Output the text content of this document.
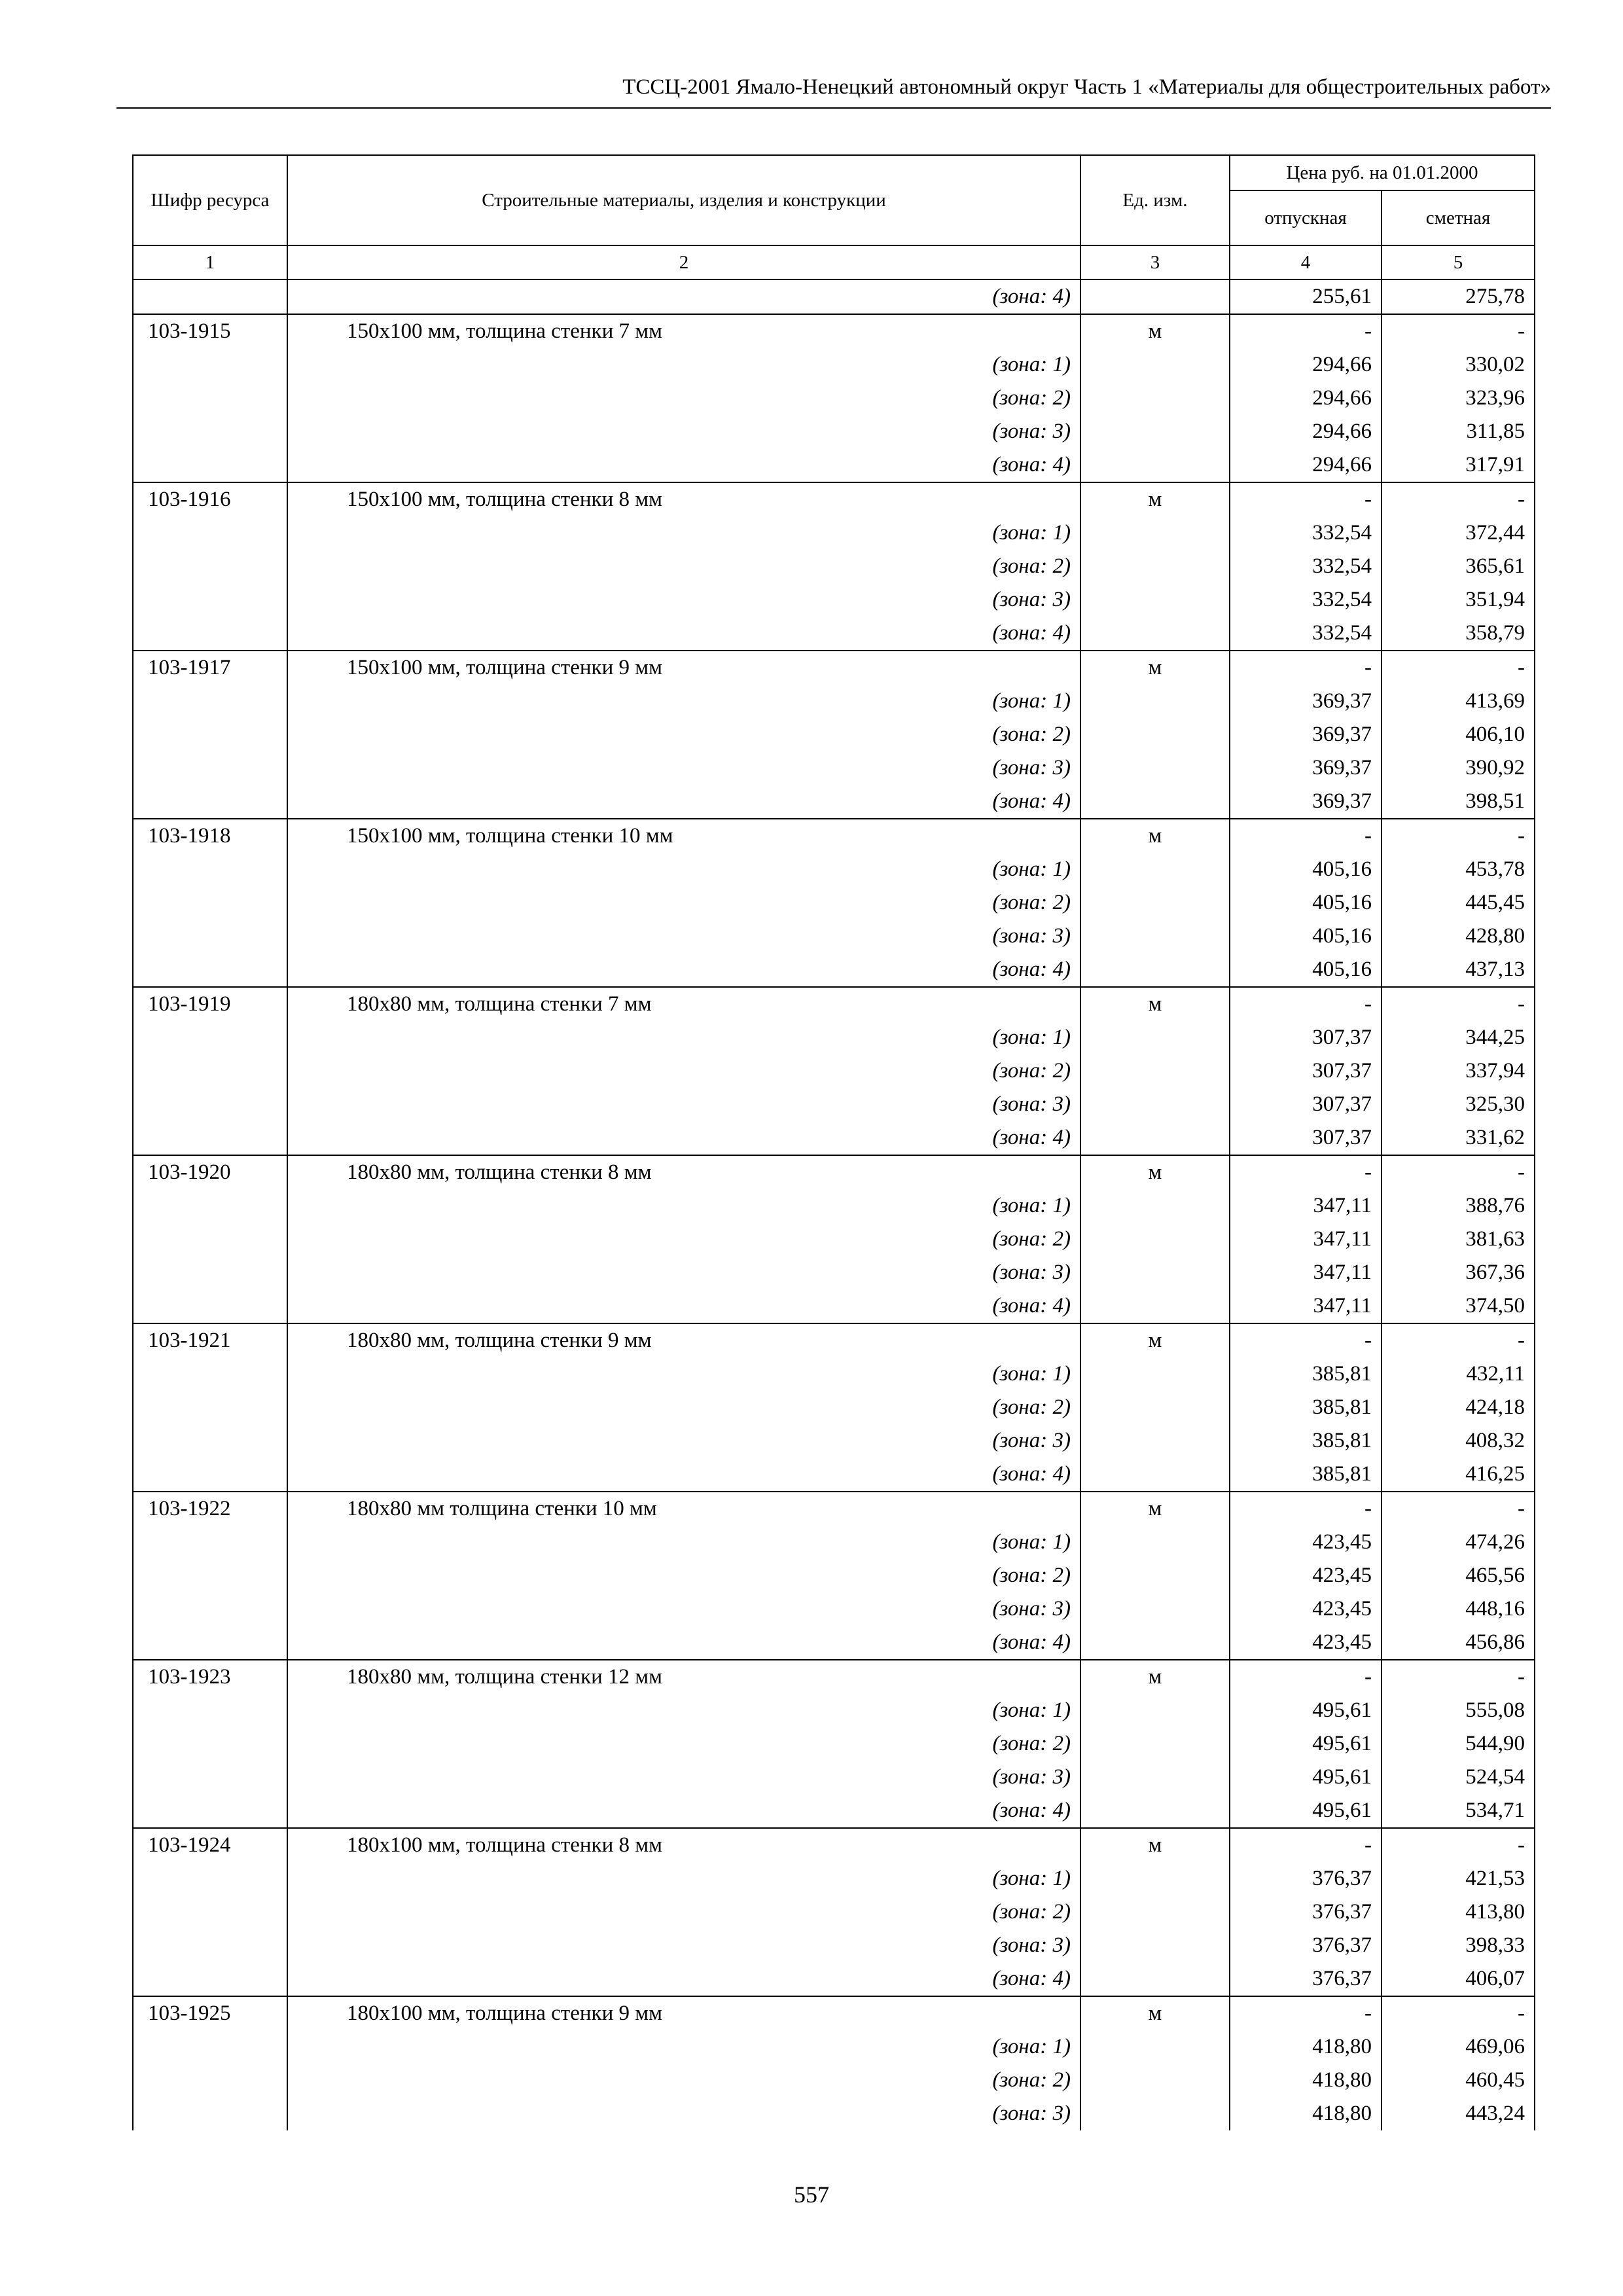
ТССЦ-2001 Ямало-Ненецкий автономный округ Часть 1 «Материалы для общестроительных работ»
Шифр ресурса	Строительные материалы, изделия и конструкции	Ед. изм.	Цена руб. на 01.01.2000	
			отпускная	сметная
1	2	3	4	5
	(зона: 4)		255,61	275,78
103-1915	150x100 мм, толщина стенки 7 мм	м	-	-
	(зона: 1)		294,66	330,02
	(зона: 2)		294,66	323,96
	(зона: 3)		294,66	311,85
	(зона: 4)		294,66	317,91
103-1916	150x100 мм, толщина стенки 8 мм	м	-	-
	(зона: 1)		332,54	372,44
	(зона: 2)		332,54	365,61
	(зона: 3)		332,54	351,94
	(зона: 4)		332,54	358,79
103-1917	150x100 мм, толщина стенки 9 мм	м	-	-
	(зона: 1)		369,37	413,69
	(зона: 2)		369,37	406,10
	(зона: 3)		369,37	390,92
	(зона: 4)		369,37	398,51
103-1918	150x100 мм, толщина стенки 10 мм	м	-	-
	(зона: 1)		405,16	453,78
	(зона: 2)		405,16	445,45
	(зона: 3)		405,16	428,80
	(зона: 4)		405,16	437,13
103-1919	180x80 мм, толщина стенки 7 мм	м	-	-
	(зона: 1)		307,37	344,25
	(зона: 2)		307,37	337,94
	(зона: 3)		307,37	325,30
	(зона: 4)		307,37	331,62
103-1920	180x80 мм, толщина стенки 8 мм	м	-	-
	(зона: 1)		347,11	388,76
	(зона: 2)		347,11	381,63
	(зона: 3)		347,11	367,36
	(зона: 4)		347,11	374,50
103-1921	180x80 мм, толщина стенки 9 мм	м	-	-
	(зона: 1)		385,81	432,11
	(зона: 2)		385,81	424,18
	(зона: 3)		385,81	408,32
	(зона: 4)		385,81	416,25
103-1922	180x80 мм толщина стенки 10 мм	м	-	-
	(зона: 1)		423,45	474,26
	(зона: 2)		423,45	465,56
	(зона: 3)		423,45	448,16
	(зона: 4)		423,45	456,86
103-1923	180x80 мм, толщина стенки 12 мм	м	-	-
	(зона: 1)		495,61	555,08
	(зона: 2)		495,61	544,90
	(зона: 3)		495,61	524,54
	(зона: 4)		495,61	534,71
103-1924	180x100 мм, толщина стенки 8 мм	м	-	-
	(зона: 1)		376,37	421,53
	(зона: 2)		376,37	413,80
	(зона: 3)		376,37	398,33
	(зона: 4)		376,37	406,07
103-1925	180x100 мм, толщина стенки 9 мм	м	-	-
	(зона: 1)		418,80	469,06
	(зона: 2)		418,80	460,45
	(зона: 3)		418,80	443,24
557
